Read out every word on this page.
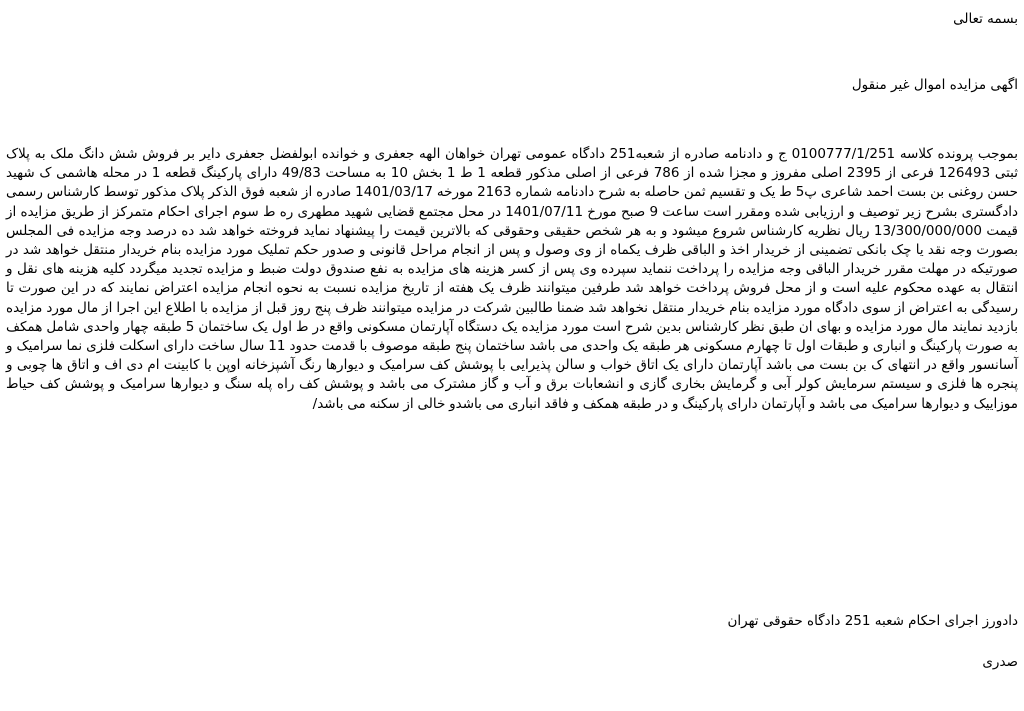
بسمه تعالی
اگهی مزایده اموال غیر منقول
بموجب پرونده کلاسه 0100777/1/251 ج و دادنامه صادره از شعبه251 دادگاه عمومی تهران خواهان الهه جعفری و خوانده ابولفضل جعفری دایر بر فروش شش دانگ ملک به پلاک ثبتی 126493 فرعی از 2395 اصلی مفروز و مجزا شده از 786 فرعی از اصلی مذکور قطعه 1 ط 1 بخش 10 به مساحت 49/83 دارای پارکینگ قطعه 1 در محله هاشمی ک شهید حسن روغنی بن بست احمد شاعری پ5 ط یک و تقسیم ثمن حاصله به شرح دادنامه شماره 2163 مورخه 1401/03/17 صادره از شعبه فوق الذکر پلاک مذکور توسط کارشناس رسمی دادگستری بشرح زیر توصیف و ارزیابی شده ومقرر است ساعت 9 صبح مورخ 1401/07/11 در محل مجتمع قضایی شهید مطهری ره ط سوم اجرای احکام متمرکز از طریق مزایده از قیمت 13/300/000/000 ریال نظریه کارشناس شروع میشود و به هر شخص حقیقی وحقوقی که بالاترین قیمت را پیشنهاد نماید فروخته خواهد شد ده درصد وجه مزایده فی المجلس بصورت وجه نقد یا چک بانکی تضمینی از خریدار اخذ و الباقی ظرف یکماه از وی وصول و پس از انجام مراحل قانونی و صدور حکم تملیک مورد مزایده بنام خریدار منتقل خواهد شد در صورتیکه در مهلت مقرر خریدار الباقی وجه مزایده را پرداخت ننماید سپرده وی پس از کسر هزینه های مزایده به نفع صندوق دولت ضبط و مزایده تجدید میگردد کلیه هزینه های نقل و انتقال به عهده محکوم علیه است و از محل فروش پرداخت خواهد شد طرفین میتوانند ظرف یک هفته از تاریخ مزایده نسبت به نحوه انجام مزایده اعتراض نمایند که در این صورت تا رسیدگی به اعتراض از سوی دادگاه مورد مزایده بنام خریدار منتقل نخواهد شد ضمنا طالبین شرکت در مزایده میتوانند ظرف پنج روز قبل از مزایده با اطلاع این اجرا از مال مورد مزایده بازدید نمایند مال مورد مزایده و بهای ان طبق نظر کارشناس بدین شرح است مورد مزایده یک دستگاه آپارتمان مسکونی واقع در ط اول یک ساختمان 5 طبقه چهار واحدی شامل همکف به صورت پارکینگ و انباری و طبقات اول تا چهارم مسکونی هر طبقه یک واحدی می باشد ساختمان پنج طبقه موصوف با قدمت حدود 11 سال ساخت دارای اسکلت فلزی نما سرامیک و آسانسور واقع در انتهای ک بن بست می باشد آپارتمان دارای یک اتاق خواب و سالن پذیرایی با پوشش کف سرامیک و دیوارها رنگ آشپزخانه اوپن با کابینت ام دی اف و اتاق ها چوبی و پنجره ها فلزی و سیستم سرمایش کولر آبی و گرمایش بخاری گازی و انشعابات برق و آب و گاز مشترک می باشد و پوشش کف راه پله سنگ و دیوارها سرامیک و پوشش کف حیاط موزاییک و دیوارها سرامیک می باشد و آپارتمان دارای پارکینگ و در طبقه همکف و فاقد انباری می باشدو خالی از سکنه می باشد/
دادورز اجرای احکام شعبه 251 دادگاه حقوقی تهران
صدری
